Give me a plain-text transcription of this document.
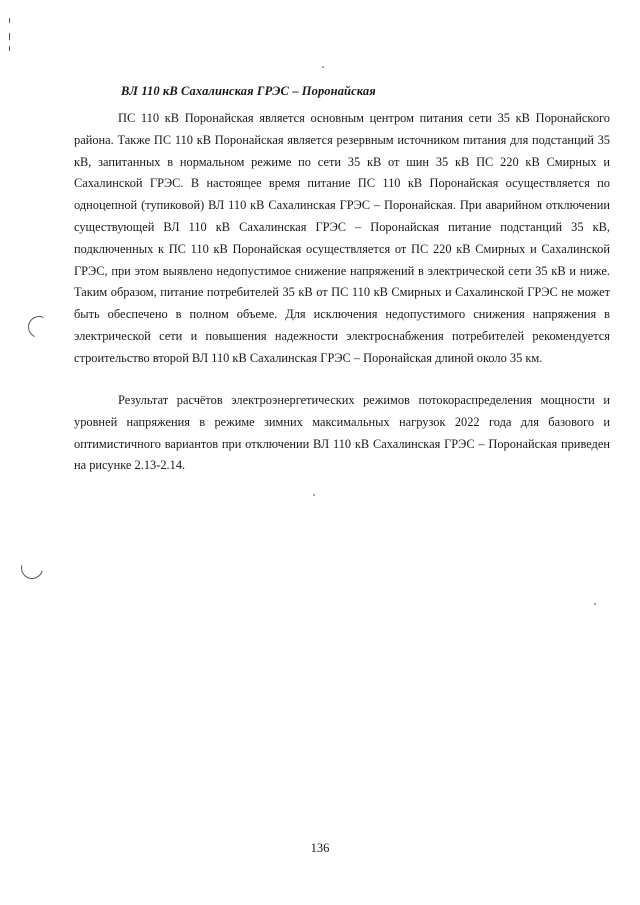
ВЛ 110 кВ Сахалинская ГРЭС – Поронайская

ПС 110 кВ Поронайская является основным центром питания сети 35 кВ Поронайского района. Также ПС 110 кВ Поронайская является резервным источником питания для подстанций 35 кВ, запитанных в нормальном режиме по сети 35 кВ от шин 35 кВ ПС 220 кВ Смирных и Сахалинской ГРЭС. В настоящее время питание ПС 110 кВ Поронайская осуществляется по одноцепной (тупиковой) ВЛ 110 кВ Сахалинская ГРЭС – Поронайская. При аварийном отключении существующей ВЛ 110 кВ Сахалинская ГРЭС – Поронайская питание подстанций 35 кВ, подключенных к ПС 110 кВ Поронайская осуществляется от ПС 220 кВ Смирных и Сахалинской ГРЭС, при этом выявлено недопустимое снижение напряжений в электрической сети 35 кВ и ниже. Таким образом, питание потребителей 35 кВ от ПС 110 кВ Смирных и Сахалинской ГРЭС не может быть обеспечено в полном объеме. Для исключения недопустимого снижения напряжения в электрической сети и повышения надежности электроснабжения потребителей рекомендуется строительство второй ВЛ 110 кВ Сахалинская ГРЭС – Поронайская длиной около 35 км.

Результат расчётов электроэнергетических режимов потокораспределения мощности и уровней напряжения в режиме зимних максимальных нагрузок 2022 года для базового и оптимистичного вариантов при отключении ВЛ 110 кВ Сахалинская ГРЭС – Поронайская приведен на рисунке 2.13-2.14.

136
